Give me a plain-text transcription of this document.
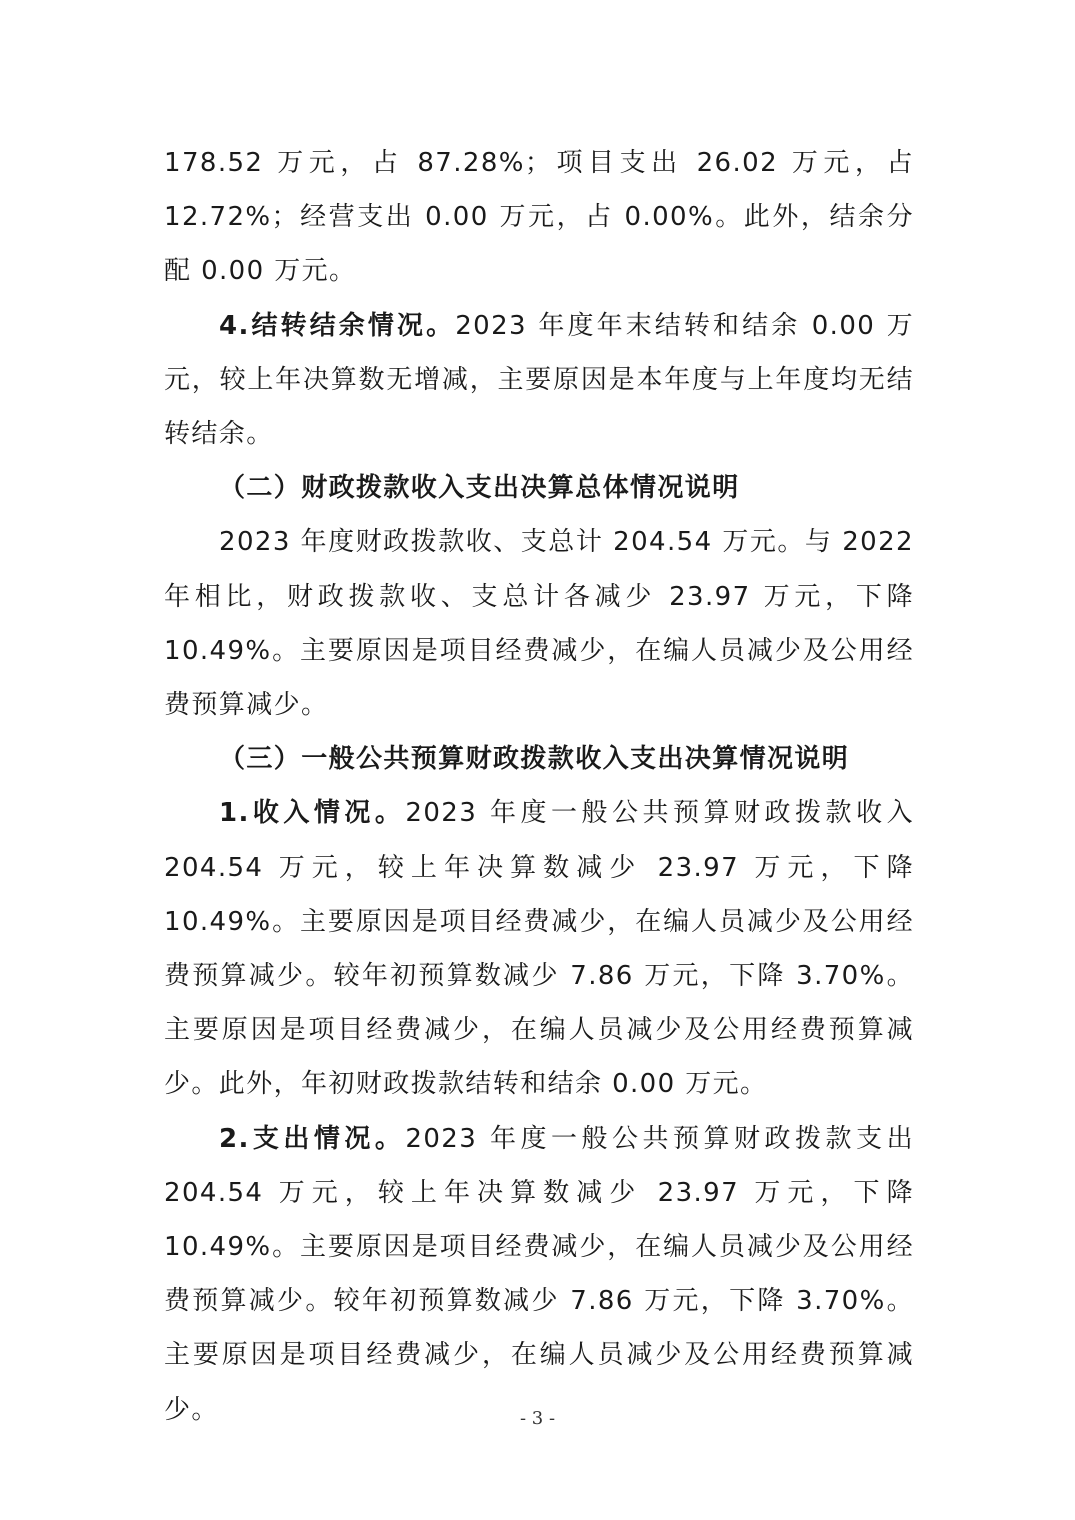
178.52 万元，占 87.28%；项目支出 26.02 万元，占 12.72%；经营支出 0.00 万元，占 0.00%。此外，结余分配 0.00 万元。

4.结转结余情况。2023 年度年末结转和结余 0.00 万元，较上年决算数无增减，主要原因是本年度与上年度均无结转结余。

（二）财政拨款收入支出决算总体情况说明

2023 年度财政拨款收、支总计 204.54 万元。与 2022 年相比，财政拨款收、支总计各减少 23.97 万元，下降 10.49%。主要原因是项目经费减少，在编人员减少及公用经费预算减少。

（三）一般公共预算财政拨款收入支出决算情况说明

1.收入情况。2023 年度一般公共预算财政拨款收入 204.54 万元，较上年决算数减少 23.97 万元，下降 10.49%。主要原因是项目经费减少，在编人员减少及公用经费预算减少。较年初预算数减少 7.86 万元，下降 3.70%。主要原因是项目经费减少，在编人员减少及公用经费预算减少。此外，年初财政拨款结转和结余 0.00 万元。

2.支出情况。2023 年度一般公共预算财政拨款支出 204.54 万元，较上年决算数减少 23.97 万元，下降 10.49%。主要原因是项目经费减少，在编人员减少及公用经费预算减少。较年初预算数减少 7.86 万元，下降 3.70%。主要原因是项目经费减少，在编人员减少及公用经费预算减少。	- 3 -
